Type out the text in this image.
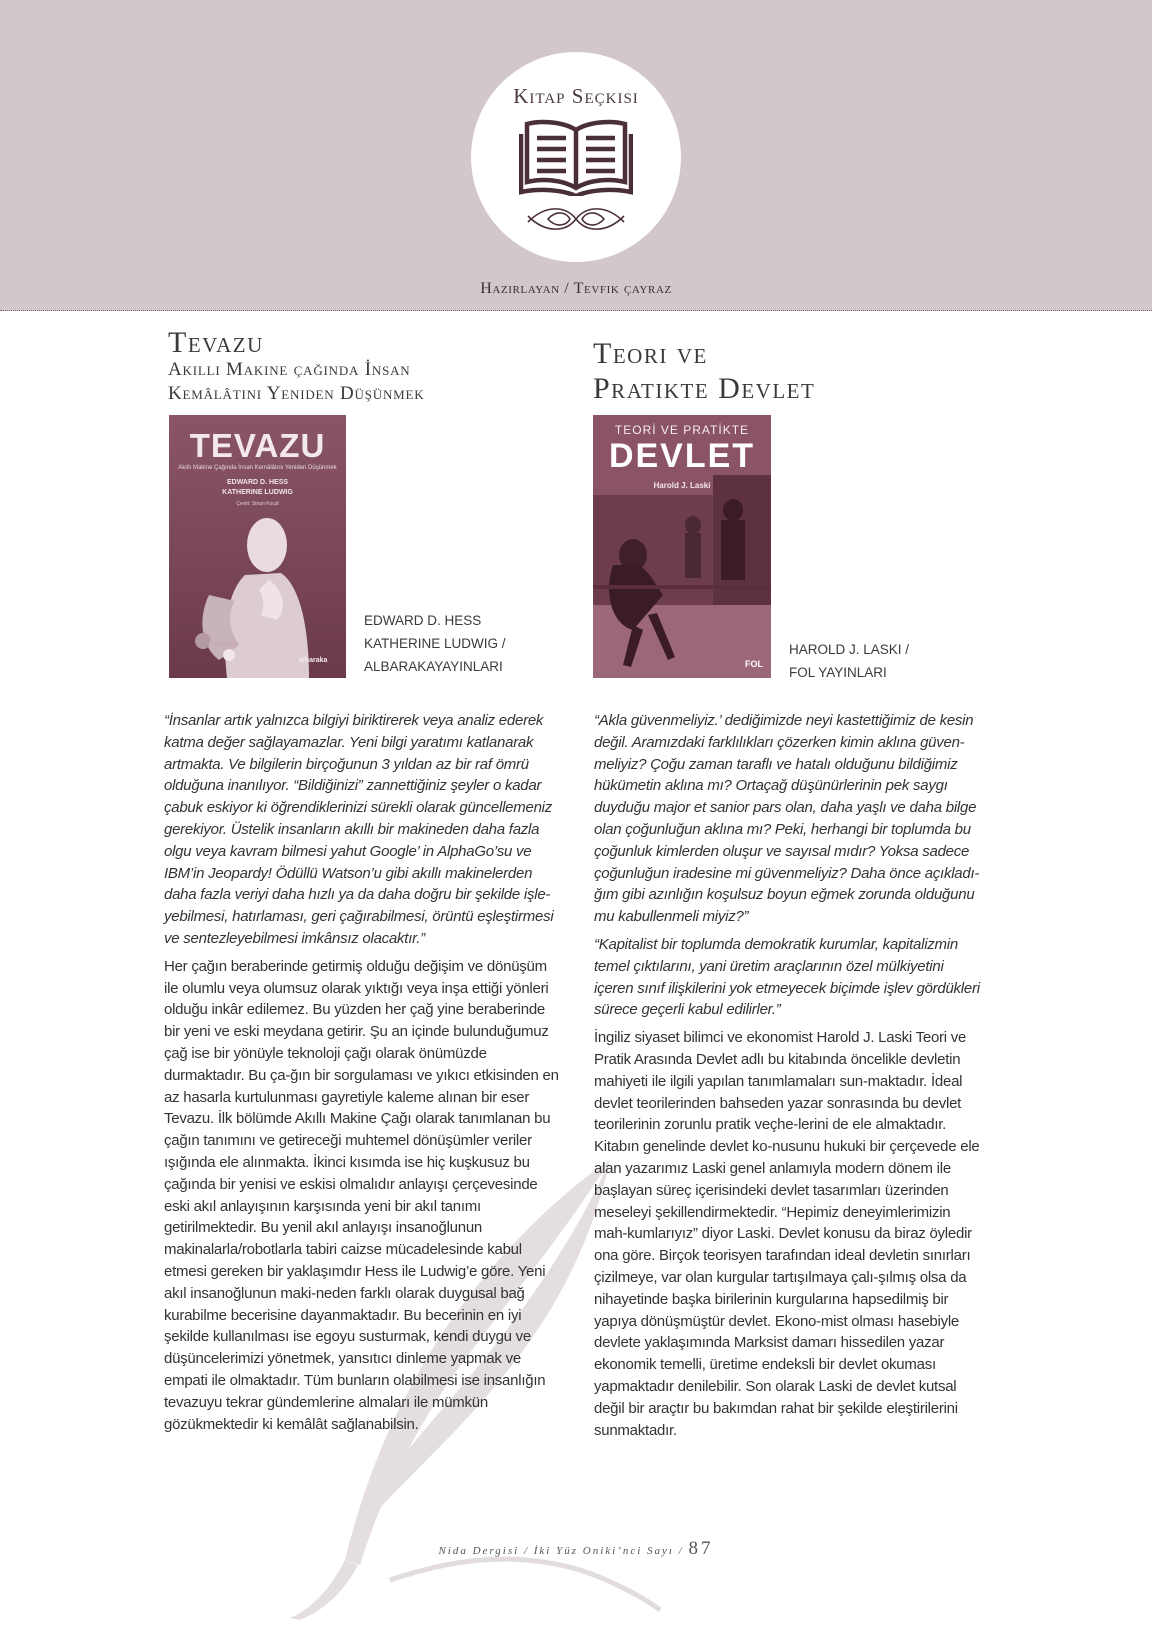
Kitap Seçkisi
Hazırlayan / Tevfik çayraz
Tevazu
Akıllı Makine çağında İnsan
Kemâlâtını Yeniden Düşünmek
Teori ve
Pratikte Devlet
TEVAZU
Akıllı Makine Çağında İnsan Kemâlâtını Yeniden Düşünmek
EDWARD D. HESS
KATHERINE LUDWIG
Çeviri: Sinan Kocal
albaraka
TEORİ VE PRATİKTE
DEVLET
Harold J. Laski
FOL
EDWARD D. HESS
KATHERINE LUDWIG /
ALBARAKAYAYINLARI
HAROLD J. LASKI /
FOL YAYINLARI

“İnsanlar artık yalnızca bilgiyi biriktirerek veya analiz ederek katma değer sağlayamazlar. Yeni bilgi yaratımı katlanarak artmakta. Ve bilgilerin birçoğunun 3 yıldan az bir raf ömrü olduğuna inanılıyor. “Bildiğinizi” zannettiğiniz şeyler o kadar çabuk eskiyor ki öğrendiklerinizi sürekli olarak güncellemeniz gerekiyor. Üstelik insanların akıllı bir makineden daha fazla olgu veya kavram bilmesi yahut Google’ in AlphaGo’su ve IBM’in Jeopardy! Ödüllü Watson’u gibi akıllı makinelerden daha fazla veriyi daha hızlı ya da daha doğru bir şekilde işle-yebilmesi, hatırlaması, geri çağırabilmesi, örüntü eşleştirmesi ve sentezleyebilmesi imkânsız olacaktır.”

Her çağın beraberinde getirmiş olduğu değişim ve dönüşüm ile olumlu veya olumsuz olarak yıktığı veya inşa ettiği yönleri olduğu inkâr edilemez. Bu yüzden her çağ yine beraberinde bir yeni ve eski meydana getirir. Şu an içinde bulunduğumuz çağ ise bir yönüyle teknoloji çağı olarak önümüzde durmaktadır. Bu ça-ğın bir sorgulaması ve yıkıcı etkisinden en az hasarla kurtulunması gayretiyle kaleme alınan bir eser Tevazu. İlk bölümde Akıllı Makine Çağı olarak tanımlanan bu çağın tanımını ve getireceği muhtemel dönüşümler veriler ışığında ele alınmakta. İkinci kısımda ise hiç kuşkusuz bu çağında bir yenisi ve eskisi olmalıdır anlayışı çerçevesinde eski akıl anlayışının karşısında yeni bir akıl tanımı getirilmektedir. Bu yenil akıl anlayışı insanoğlunun makinalarla/robotlarla tabiri caizse mücadelesinde kabul etmesi gereken bir yaklaşımdır Hess ile Ludwig’e göre. Yeni akıl insanoğlunun maki-neden farklı olarak duygusal bağ kurabilme becerisine dayanmaktadır. Bu becerinin en iyi şekilde kullanılması ise egoyu susturmak, kendi duygu ve düşüncelerimizi yönetmek, yansıtıcı dinleme yapmak ve empati ile olmaktadır. Tüm bunların olabilmesi ise insanlığın tevazuyu tekrar gündemlerine almaları ile mümkün gözükmektedir ki kemâlât sağlanabilsin.

“Akla güvenmeliyiz.’ dediğimizde neyi kastettiğimiz de kesin değil. Aramızdaki farklılıkları çözerken kimin aklına güven-meliyiz? Çoğu zaman taraflı ve hatalı olduğunu bildiğimiz hükümetin aklına mı? Ortaçağ düşünürlerinin pek saygı duyduğu major et sanior pars olan, daha yaşlı ve daha bilge olan çoğunluğun aklına mı? Peki, herhangi bir toplumda bu çoğunluk kimlerden oluşur ve sayısal mıdır? Yoksa sadece çoğunluğun iradesine mi güvenmeliyiz? Daha önce açıkladı-ğım gibi azınlığın koşulsuz boyun eğmek zorunda olduğunu mu kabullenmeli miyiz?”

“Kapitalist bir toplumda demokratik kurumlar, kapitalizmin temel çıktılarını, yani üretim araçlarının özel mülkiyetini içeren sınıf ilişkilerini yok etmeyecek biçimde işlev gördükleri sürece geçerli kabul edilirler.”

İngiliz siyaset bilimci ve ekonomist Harold J. Laski Teori ve Pratik Arasında Devlet adlı bu kitabında öncelikle devletin mahiyeti ile ilgili yapılan tanımlamaları sun-maktadır. İdeal devlet teorilerinden bahseden yazar sonrasında bu devlet teorilerinin zorunlu pratik veçhe-lerini de ele almaktadır. Kitabın genelinde devlet ko-nusunu hukuki bir çerçevede ele alan yazarımız Laski genel anlamıyla modern dönem ile başlayan süreç içerisindeki devlet tasarımları üzerinden meseleyi şekillendirmektedir. “Hepimiz deneyimlerimizin mah-kumlarıyız” diyor Laski. Devlet konusu da biraz öyledir ona göre. Birçok teorisyen tarafından ideal devletin sınırları çizilmeye, var olan kurgular tartışılmaya çalı-şılmış olsa da nihayetinde başka birilerinin kurgularına hapsedilmiş bir yapıya dönüşmüştür devlet. Ekono-mist olması hasebiyle devlete yaklaşımında Marksist damarı hissedilen yazar ekonomik temelli, üretime endeksli bir devlet okuması yapmaktadır denilebilir. Son olarak Laski de devlet kutsal değil bir araçtır bu bakımdan rahat bir şekilde eleştirilerini sunmaktadır.

Nida Dergisi / İki Yüz Oniki’nci Sayı / 87
